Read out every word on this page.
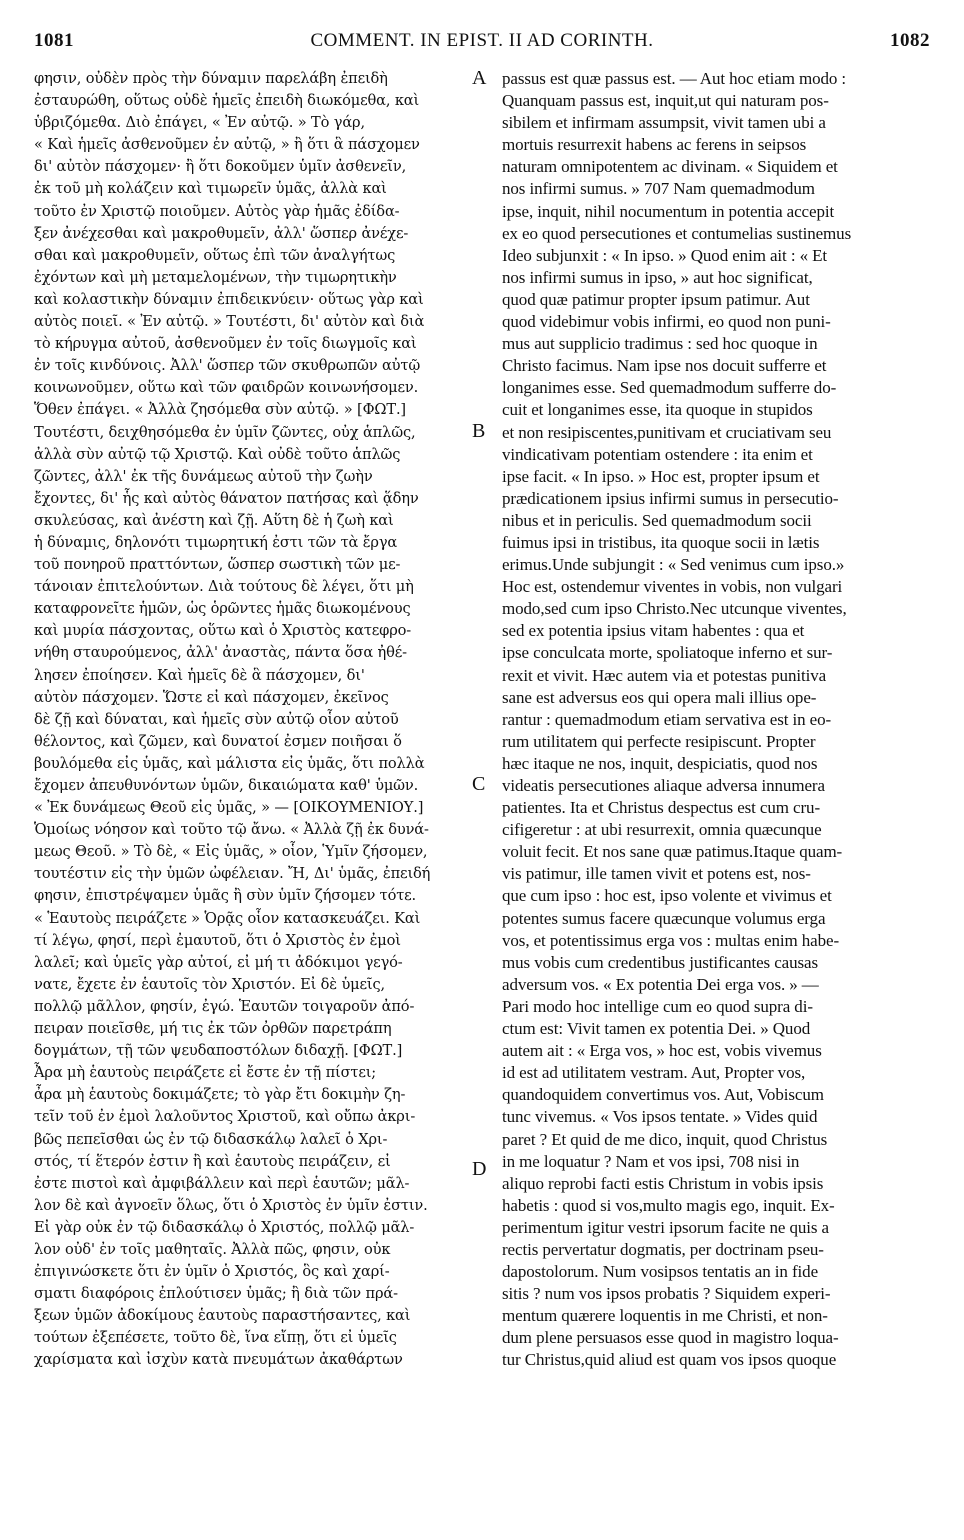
1081	COMMENT. IN EPIST. II AD CORINTH.	1082
φησιν, οὐδὲν πρὸς τὴν δύναμιν παρελάβη ἐπειδὴ
ἐσταυρώθη, οὕτως οὐδὲ ἡμεῖς ἐπειδὴ διωκόμεθα, καὶ
ὑβριζόμεθα. Διὸ ἐπάγει, « Ἐν αὐτῷ. » Τὸ γάρ,
« Καὶ ἡμεῖς ἀσθενοῦμεν ἐν αὐτῷ, » ἢ ὅτι ἃ πάσχομεν
δι' αὐτὸν πάσχομεν· ἢ ὅτι δοκοῦμεν ὑμῖν ἀσθενεῖν,
ἐκ τοῦ μὴ κολάζειν καὶ τιμωρεῖν ὑμᾶς, ἀλλὰ καὶ
τοῦτο ἐν Χριστῷ ποιοῦμεν. Αὐτὸς γὰρ ἡμᾶς ἐδίδα-
ξεν ἀνέχεσθαι καὶ μακροθυμεῖν, ἀλλ' ὥσπερ ἀνέχε-
σθαι καὶ μακροθυμεῖν, οὕτως ἐπὶ τῶν ἀναλγήτως
ἐχόντων καὶ μὴ μεταμελομένων, τὴν τιμωρητικὴν
καὶ κολαστικὴν δύναμιν ἐπιδεικνύειν· οὕτως γὰρ καὶ
αὐτὸς ποιεῖ. « Ἐν αὐτῷ. » Τουτέστι, δι' αὐτὸν καὶ διὰ
τὸ κήρυγμα αὐτοῦ, ἀσθενοῦμεν ἐν τοῖς διωγμοῖς καὶ
ἐν τοῖς κινδύνοις. Ἀλλ' ὥσπερ τῶν σκυθρωπῶν αὐτῷ
κοινωνοῦμεν, οὕτω καὶ τῶν φαιδρῶν κοινωνήσομεν.
Ὅθεν ἐπάγει. « Ἀλλὰ ζησόμεθα σὺν αὐτῷ. » [ΦΩΤ.]
Τουτέστι, δειχθησόμεθα ἐν ὑμῖν ζῶντες, οὐχ ἁπλῶς,
ἀλλὰ σὺν αὐτῷ τῷ Χριστῷ. Καὶ οὐδὲ τοῦτο ἁπλῶς
ζῶντες, ἀλλ' ἐκ τῆς δυνάμεως αὐτοῦ τὴν ζωὴν
ἔχοντες, δι' ἧς καὶ αὐτὸς θάνατον πατήσας καὶ ᾅδην
σκυλεύσας, καὶ ἀνέστη καὶ ζῇ. Αὕτη δὲ ἡ ζωὴ καὶ
ἡ δύναμις, δηλονότι τιμωρητική ἐστι τῶν τὰ ἔργα
τοῦ πονηροῦ πραττόντων, ὥσπερ σωστικὴ τῶν με-
τάνοιαν ἐπιτελούντων. Διὰ τούτους δὲ λέγει, ὅτι μὴ
καταφρονεῖτε ἡμῶν, ὡς ὁρῶντες ἡμᾶς διωκομένους
καὶ μυρία πάσχοντας, οὕτω καὶ ὁ Χριστὸς κατεφρο-
νήθη σταυρούμενος, ἀλλ' ἀναστὰς, πάντα ὅσα ἠθέ-
λησεν ἐποίησεν. Καὶ ἡμεῖς δὲ ἃ πάσχομεν, δι'
αὐτὸν πάσχομεν. Ὥστε εἰ καὶ πάσχομεν, ἐκεῖνος
δὲ ζῇ καὶ δύναται, καὶ ἡμεῖς σὺν αὐτῷ οἷον αὐτοῦ
θέλοντος, καὶ ζῶμεν, καὶ δυνατοί ἐσμεν ποιῆσαι ὅ
βουλόμεθα εἰς ὑμᾶς, καὶ μάλιστα εἰς ὑμᾶς, ὅτι πολλὰ
ἔχομεν ἀπευθυνόντων ὑμῶν, δικαιώματα καθ' ὑμῶν.
« Ἐκ δυνάμεως Θεοῦ εἰς ὑμᾶς, » — [ΟΙΚΟΥΜΕΝΙΟΥ.]
Ὁμοίως νόησον καὶ τοῦτο τῷ ἄνω. « Ἀλλὰ ζῇ ἐκ δυνά-
μεως Θεοῦ. » Τὸ δὲ, « Εἰς ὑμᾶς, » οἷον, Ὑμῖν ζήσομεν,
τουτέστιν εἰς τὴν ὑμῶν ὠφέλειαν. Ἤ, Δι' ὑμᾶς, ἐπειδή
φησιν, ἐπιστρέψαμεν ὑμᾶς ἢ σὺν ὑμῖν ζήσομεν τότε.
« Ἑαυτοὺς πειράζετε » Ὁρᾷς οἷον κατασκευάζει. Καὶ
τί λέγω, φησί, περὶ ἐμαυτοῦ, ὅτι ὁ Χριστὸς ἐν ἐμοὶ
λαλεῖ; καὶ ὑμεῖς γὰρ αὐτοί, εἰ μή τι ἀδόκιμοι γεγό-
νατε, ἔχετε ἐν ἑαυτοῖς τὸν Χριστόν. Εἰ δὲ ὑμεῖς,
πολλῷ μᾶλλον, φησίν, ἐγώ. Ἑαυτῶν τοιγαροῦν ἀπό-
πειραν ποιεῖσθε, μή τις ἐκ τῶν ὀρθῶν παρετράπη
δογμάτων, τῇ τῶν ψευδαποστόλων διδαχῇ. [ΦΩΤ.]
Ἆρα μὴ ἑαυτοὺς πειράζετε εἰ ἔστε ἐν τῇ πίστει;
ἆρα μὴ ἑαυτοὺς δοκιμάζετε; τὸ γὰρ ἔτι δοκιμὴν ζη-
τεῖν τοῦ ἐν ἐμοὶ λαλοῦντος Χριστοῦ, καὶ οὔπω ἀκρι-
βῶς πεπεῖσθαι ὡς ἐν τῷ διδασκάλῳ λαλεῖ ὁ Χρι-
στός, τί ἕτερόν ἐστιν ἢ καὶ ἑαυτοὺς πειράζειν, εἰ
ἐστε πιστοὶ καὶ ἀμφιβάλλειν καὶ περὶ ἑαυτῶν; μᾶλ-
λον δὲ καὶ ἀγνοεῖν ὅλως, ὅτι ὁ Χριστὸς ἐν ὑμῖν ἐστιν.
Εἰ γὰρ οὐκ ἐν τῷ διδασκάλῳ ὁ Χριστός, πολλῷ μᾶλ-
λον οὐδ' ἐν τοῖς μαθηταῖς. Ἀλλὰ πῶς, φησιν, οὐκ
ἐπιγινώσκετε ὅτι ἐν ὑμῖν ὁ Χριστός, ὃς καὶ χαρί-
σματι διαφόροις ἐπλούτισεν ὑμᾶς; ἢ διὰ τῶν πρά-
ξεων ὑμῶν ἀδοκίμους ἑαυτοὺς παραστήσαντες, καὶ
τούτων ἐξεπέσετε, τοῦτο δὲ, ἵνα εἴπῃ, ὅτι εἰ ὑμεῖς
χαρίσματα καὶ ἰσχὺν κατὰ πνευμάτων ἀκαθάρτων
A
B
C
D
passus est quæ passus est. — Aut hoc etiam modo :
Quanquam passus est, inquit,ut qui naturam pos-
sibilem et infirmam assumpsit, vivit tamen ubi a
mortuis resurrexit habens ac ferens in seipsos
naturam omnipotentem ac divinam. « Siquidem et
nos infirmi sumus. » 707 Nam quemadmodum
ipse, inquit, nihil nocumentum in potentia accepit
ex eo quod persecutiones et contumelias sustinemus
Ideo subjunxit : « In ipso. » Quod enim ait : « Et
nos infirmi sumus in ipso, » aut hoc significat,
quod quæ patimur propter ipsum patimur. Aut
quod videbimur vobis infirmi, eo quod non puni-
mus aut supplicio tradimus : sed hoc quoque in
Christo facimus. Nam ipse nos docuit sufferre et
longanimes esse. Sed quemadmodum sufferre do-
cuit et longanimes esse, ita quoque in stupidos
et non resipiscentes,punitivam et cruciativam seu
vindicativam potentiam ostendere : ita enim et
ipse facit. « In ipso. » Hoc est, propter ipsum et
prædicationem ipsius infirmi sumus in persecutio-
nibus et in periculis. Sed quemadmodum socii
fuimus ipsi in tristibus, ita quoque socii in lætis
erimus.Unde subjungit : « Sed venimus cum ipso.»
Hoc est, ostendemur viventes in vobis, non vulgari
modo,sed cum ipso Christo.Nec utcunque viventes,
sed ex potentia ipsius vitam habentes : qua et
ipse conculcata morte, spoliatoque inferno et sur-
rexit et vivit. Hæc autem via et potestas punitiva
sane est adversus eos qui opera mali illius ope-
rantur : quemadmodum etiam servativa est in eo-
rum utilitatem qui perfecte resipiscunt. Propter
hæc itaque ne nos, inquit, despiciatis, quod nos
videatis persecutiones aliaque adversa innumera
patientes. Ita et Christus despectus est cum cru-
cifigeretur : at ubi resurrexit, omnia quæcunque
voluit fecit. Et nos sane quæ patimus.Itaque quam-
vis patimur, ille tamen vivit et potens est, nos-
que cum ipso : hoc est, ipso volente et vivimus et
potentes sumus facere quæcunque volumus erga
vos, et potentissimus erga vos : multas enim habe-
mus vobis cum credentibus justificantes causas
adversum vos. « Ex potentia Dei erga vos. » —
Pari modo hoc intellige cum eo quod supra di-
ctum est: Vivit tamen ex potentia Dei. » Quod
autem ait : « Erga vos, » hoc est, vobis vivemus
id est ad utilitatem vestram. Aut, Propter vos,
quandoquidem convertimus vos. Aut, Vobiscum
tunc vivemus. « Vos ipsos tentate. » Vides quid
paret ? Et quid de me dico, inquit, quod Christus
in me loquatur ? Nam et vos ipsi, 708 nisi in
aliquo reprobi facti estis Christum in vobis ipsis
habetis : quod si vos,multo magis ego, inquit. Ex-
perimentum igitur vestri ipsorum facite ne quis a
rectis pervertatur dogmatis, per doctrinam pseu-
dapostolorum. Num vosipsos tentatis an in fide
sitis ? num vos ipsos probatis ? Siquidem experi-
mentum quærere loquentis in me Christi, et non-
dum plene persuasos esse quod in magistro loqua-
tur Christus,quid aliud est quam vos ipsos quoque
